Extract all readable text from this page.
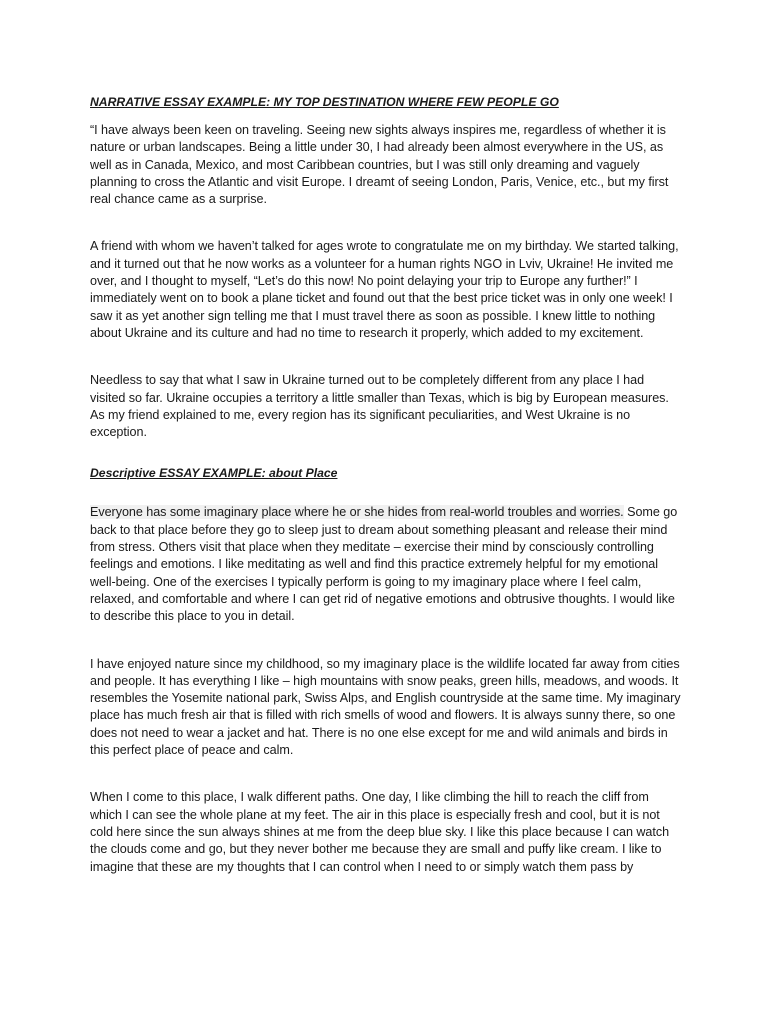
NARRATIVE ESSAY EXAMPLE: MY TOP DESTINATION WHERE FEW PEOPLE GO

“I have always been keen on traveling. Seeing new sights always inspires me, regardless of whether it is nature or urban landscapes. Being a little under 30, I had already been almost everywhere in the US, as well as in Canada, Mexico, and most Caribbean countries, but I was still only dreaming and vaguely planning to cross the Atlantic and visit Europe. I dreamt of seeing London, Paris, Venice, etc., but my first real chance came as a surprise.

A friend with whom we haven’t talked for ages wrote to congratulate me on my birthday. We started talking, and it turned out that he now works as a volunteer for a human rights NGO in Lviv, Ukraine! He invited me over, and I thought to myself, “Let’s do this now! No point delaying your trip to Europe any further!” I immediately went on to book a plane ticket and found out that the best price ticket was in only one week! I saw it as yet another sign telling me that I must travel there as soon as possible. I knew little to nothing about Ukraine and its culture and had no time to research it properly, which added to my excitement.

Needless to say that what I saw in Ukraine turned out to be completely different from any place I had visited so far. Ukraine occupies a territory a little smaller than Texas, which is big by European measures. As my friend explained to me, every region has its significant peculiarities, and West Ukraine is no exception.

Descriptive ESSAY EXAMPLE: about Place

Everyone has some imaginary place where he or she hides from real-world troubles and worries. Some go back to that place before they go to sleep just to dream about something pleasant and release their mind from stress. Others visit that place when they meditate – exercise their mind by consciously controlling feelings and emotions. I like meditating as well and find this practice extremely helpful for my emotional well-being. One of the exercises I typically perform is going to my imaginary place where I feel calm, relaxed, and comfortable and where I can get rid of negative emotions and obtrusive thoughts. I would like to describe this place to you in detail.

I have enjoyed nature since my childhood, so my imaginary place is the wildlife located far away from cities and people. It has everything I like – high mountains with snow peaks, green hills, meadows, and woods. It resembles the Yosemite national park, Swiss Alps, and English countryside at the same time. My imaginary place has much fresh air that is filled with rich smells of wood and flowers. It is always sunny there, so one does not need to wear a jacket and hat. There is no one else except for me and wild animals and birds in this perfect place of peace and calm.

When I come to this place, I walk different paths. One day, I like climbing the hill to reach the cliff from which I can see the whole plane at my feet. The air in this place is especially fresh and cool, but it is not cold here since the sun always shines at me from the deep blue sky. I like this place because I can watch the clouds come and go, but they never bother me because they are small and puffy like cream. I like to imagine that these are my thoughts that I can control when I need to or simply watch them pass by
